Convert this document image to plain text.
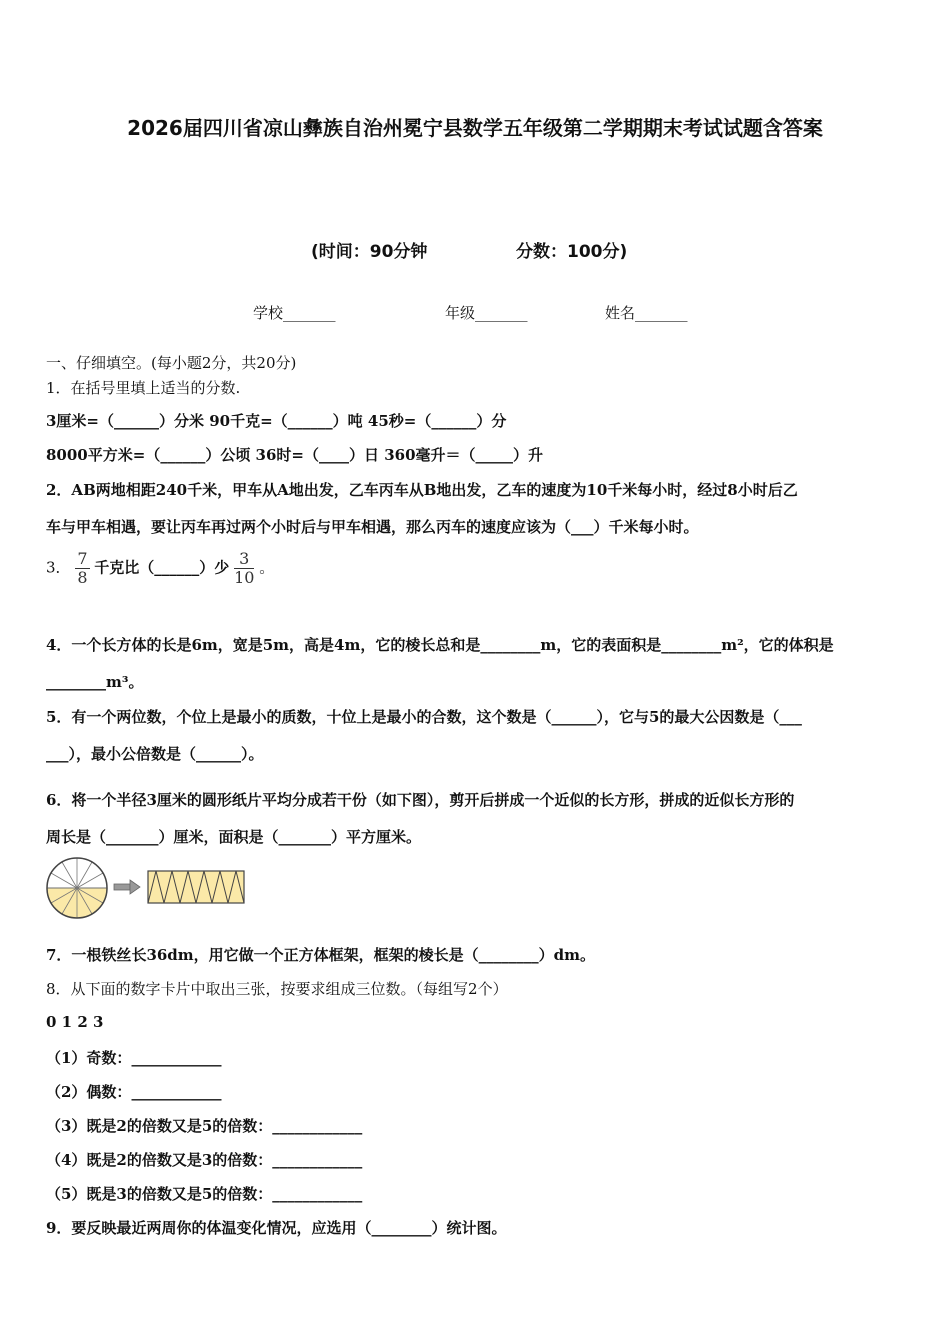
2026届四川省凉山彝族自治州冕宁县数学五年级第二学期期末考试试题含答案
(时间：90分钟	分数：100分)
学校_______	年级_______	姓名_______
一、仔细填空。(每小题2分，共20分)
1．在括号里填上适当的分数.
3厘米=（______）分米 90千克=（______）吨 45秒=（______）分
8000平方米=（______）公顷 36时=（____）日 360毫升＝（_____）升
2．AB两地相距240千米，甲车从A地出发，乙车丙车从B地出发，乙车的速度为10千米每小时，经过8小时后乙
车与甲车相遇，要让丙车再过两个小时后与甲车相遇，那么丙车的速度应该为（___）千米每小时。
3． $\frac{7}{8}$ 千克比（______）少 $\frac{3}{10}$ 。
4．一个长方体的长是6m，宽是5m，高是4m，它的棱长总和是________m，它的表面积是________m²，它的体积是
________m³。
5．有一个两位数，个位上是最小的质数，十位上是最小的合数，这个数是（______），它与5的最大公因数是（___
___），最小公倍数是（______）。
6．将一个半径3厘米的圆形纸片平均分成若干份（如下图），剪开后拼成一个近似的长方形，拼成的近似长方形的
周长是（_______）厘米，面积是（_______）平方厘米。
7．一根铁丝长36dm，用它做一个正方体框架，框架的棱长是（________）dm。
8．从下面的数字卡片中取出三张，按要求组成三位数。（每组写2个）
0 1 2 3
（1）奇数：____________
（2）偶数：____________
（3）既是2的倍数又是5的倍数：____________
（4）既是2的倍数又是3的倍数：____________
（5）既是3的倍数又是5的倍数：____________
9．要反映最近两周你的体温变化情况，应选用（________）统计图。
